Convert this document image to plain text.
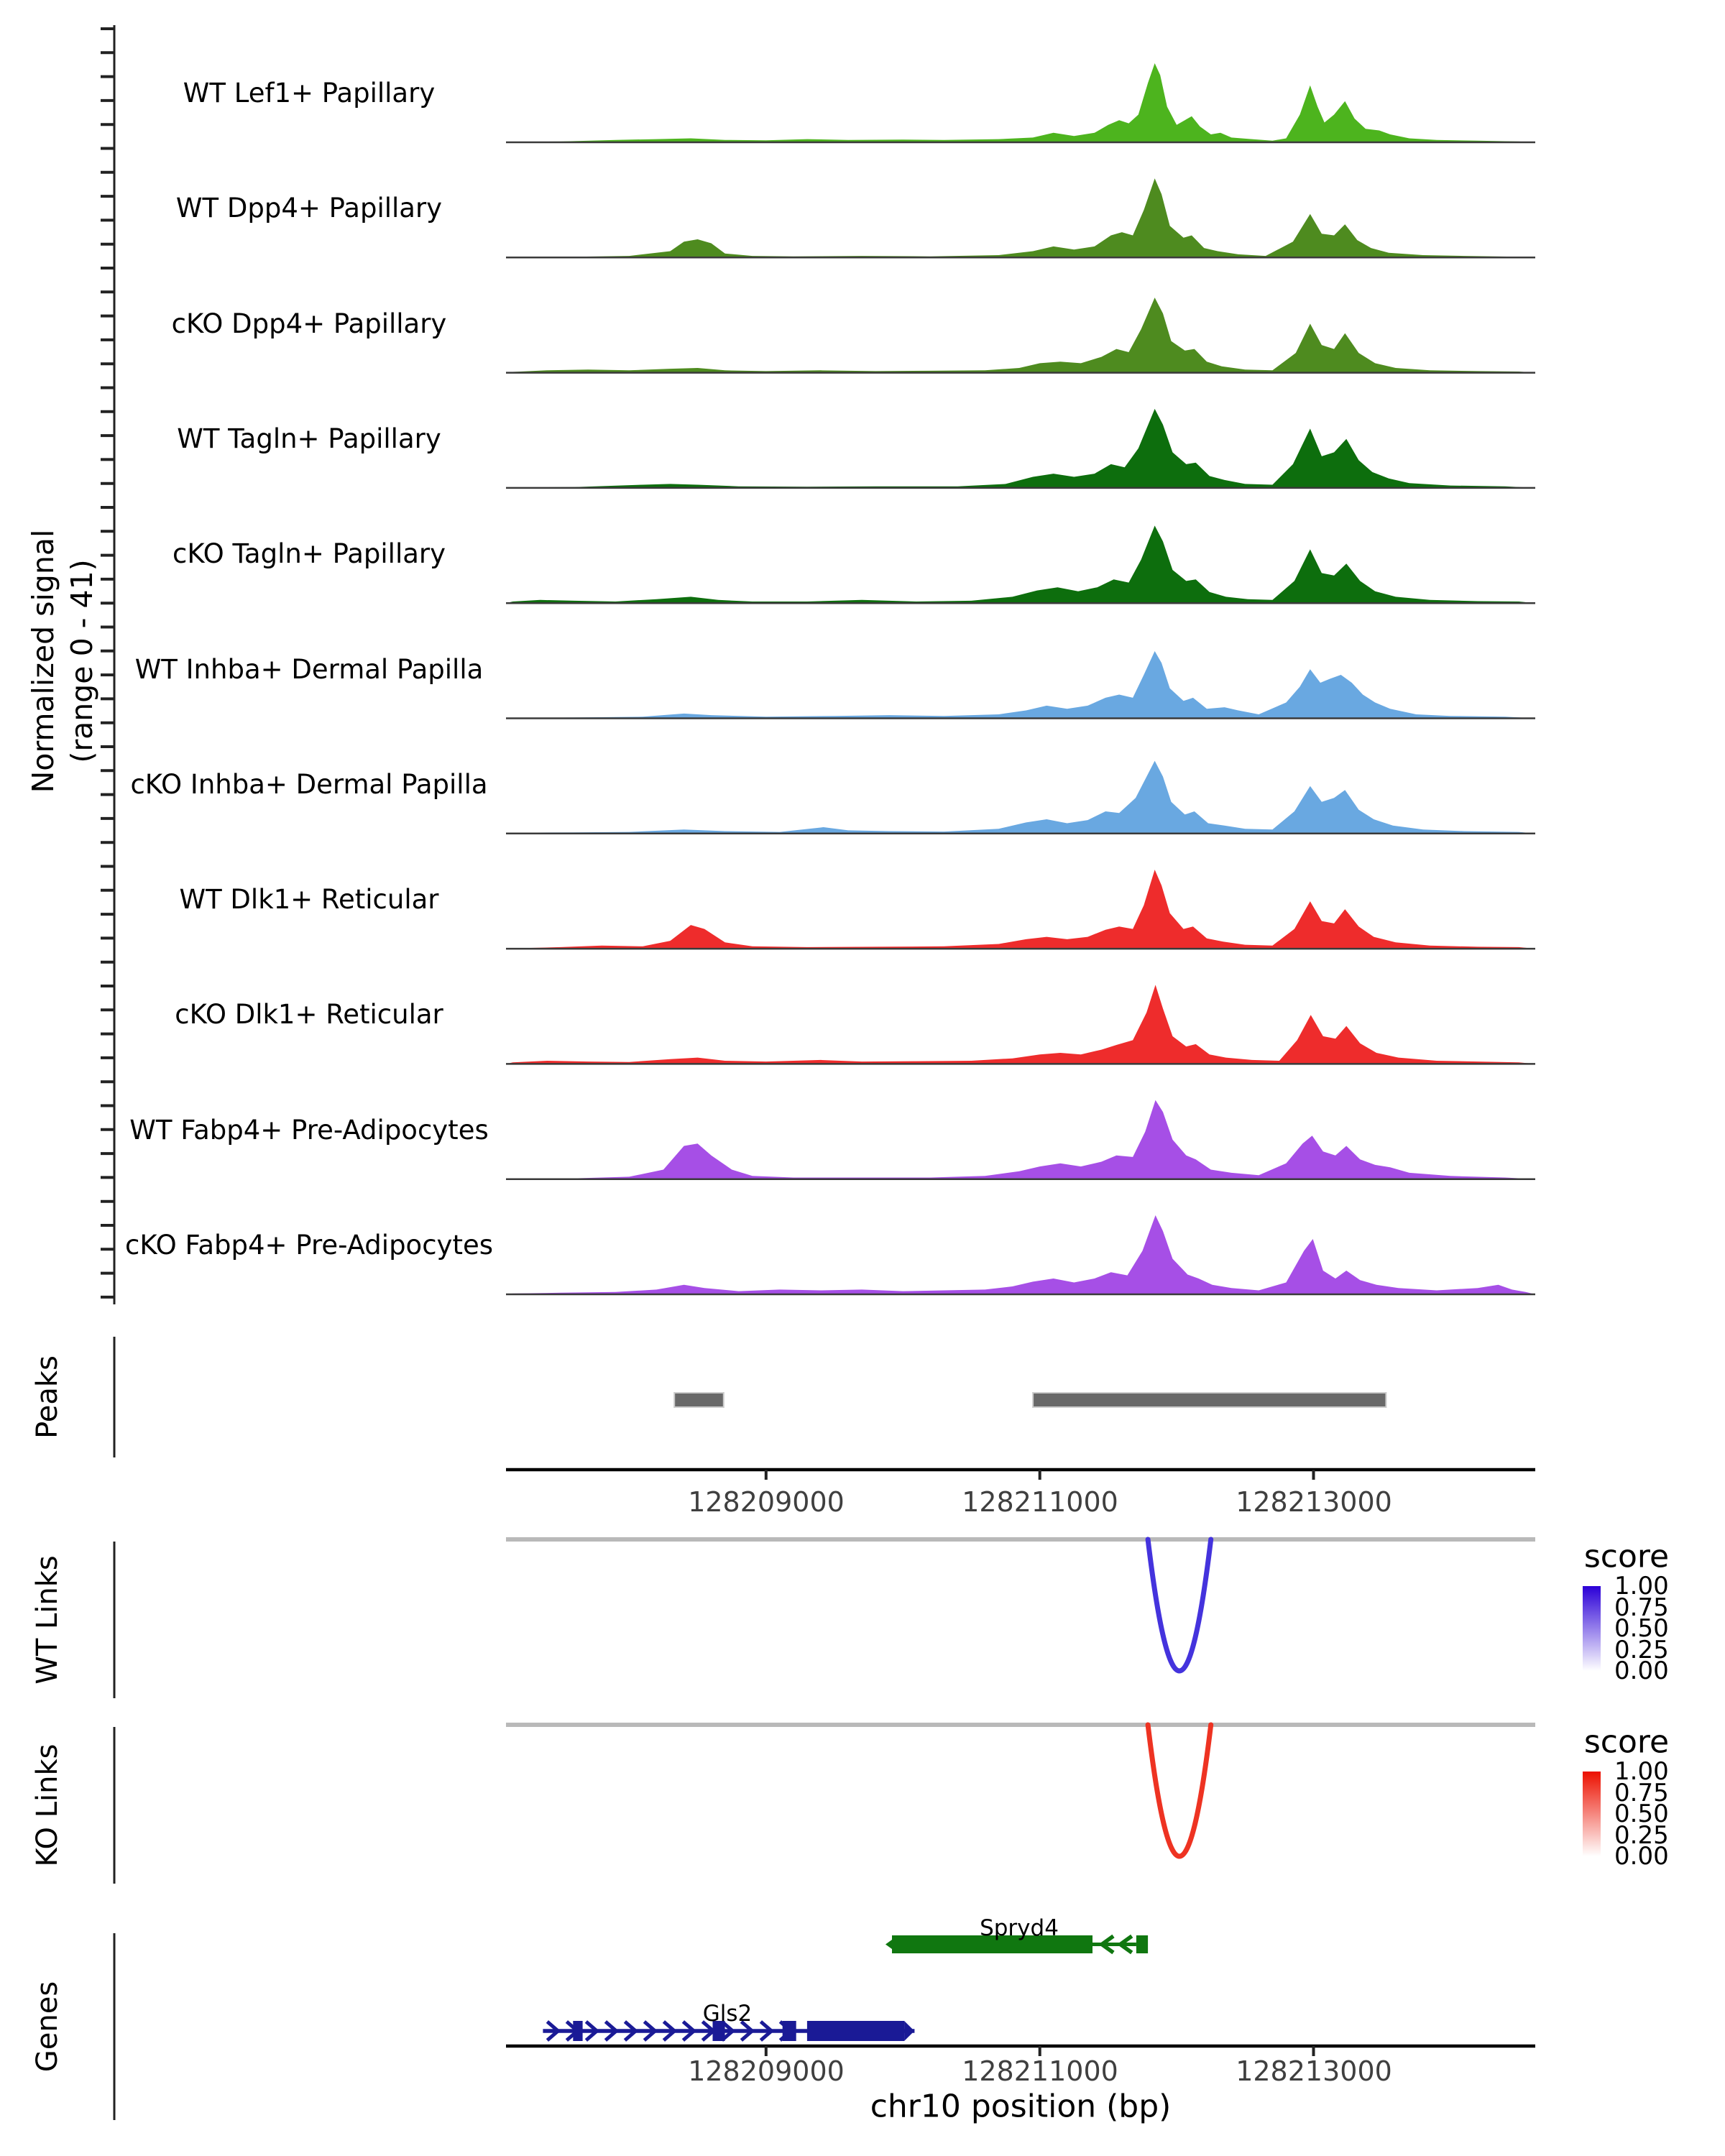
Normalized signal (range 0 - 41)
Peaks
WT Links
KO Links
Genes
score
score
chr10 position (bp)
WT Lef1+ Papillary
WT Dpp4+ Papillary
cKO Dpp4+ Papillary
WT Tagln+ Papillary
cKO Tagln+ Papillary
WT Inhba+ Dermal Papilla
cKO Inhba+ Dermal Papilla
WT Dlk1+ Reticular
cKO Dlk1+ Reticular
WT Fabp4+ Pre-Adipocytes
cKO Fabp4+ Pre-Adipocytes
128209000	128211000	128213000
128209000	128211000	128213000
1.00
0.75
0.50
0.25
0.00
1.00
0.75
0.50
0.25
0.00
Spryd4
Gls2
